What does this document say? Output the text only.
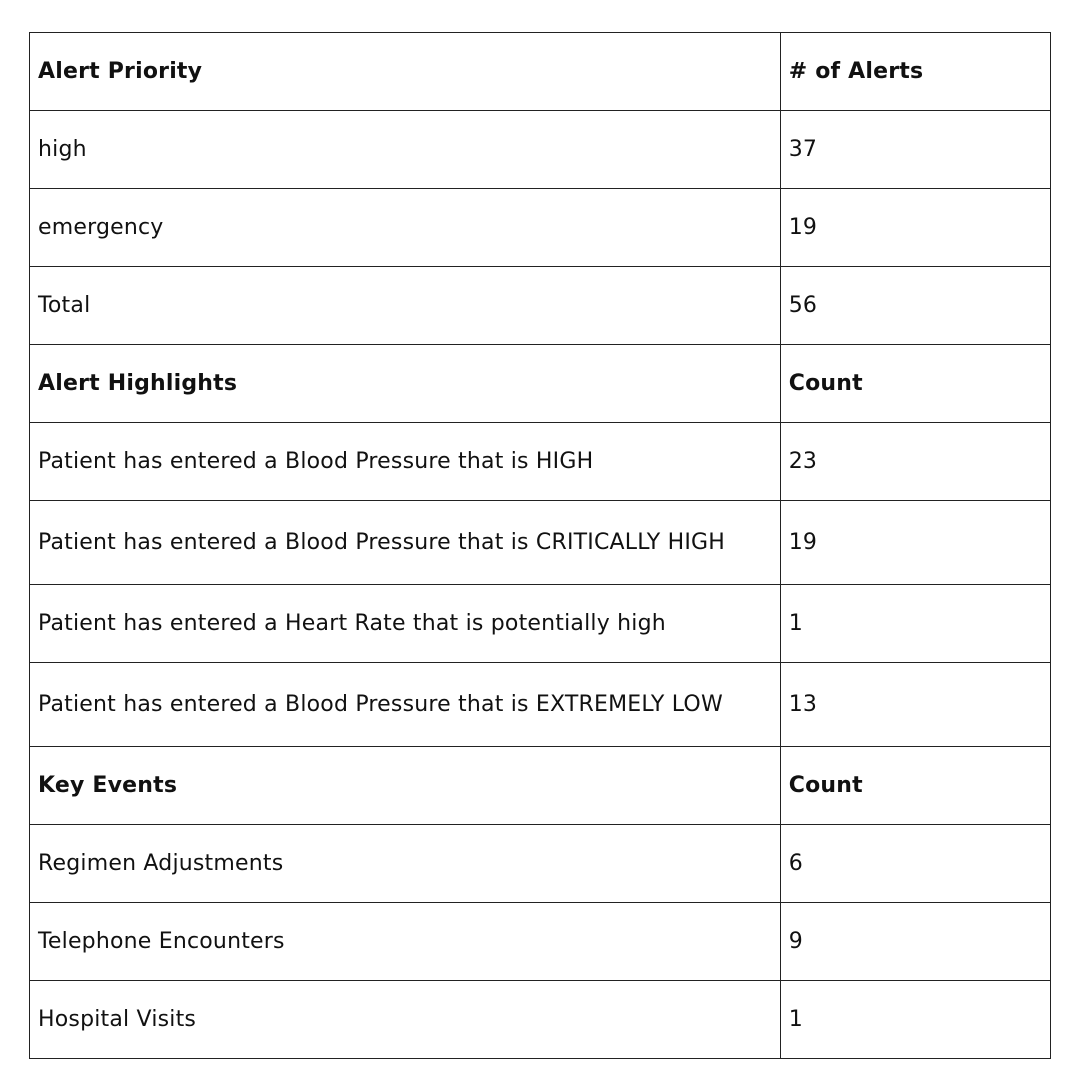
Alert Priority	# of Alerts
high	37
emergency	19
Total	56
Alert Highlights	Count
Patient has entered a Blood Pressure that is HIGH	23
Patient has entered a Blood Pressure that is CRITICALLY HIGH	19
Patient has entered a Heart Rate that is potentially high	1
Patient has entered a Blood Pressure that is EXTREMELY LOW	13
Key Events	Count
Regimen Adjustments	6
Telephone Encounters	9
Hospital Visits	1
